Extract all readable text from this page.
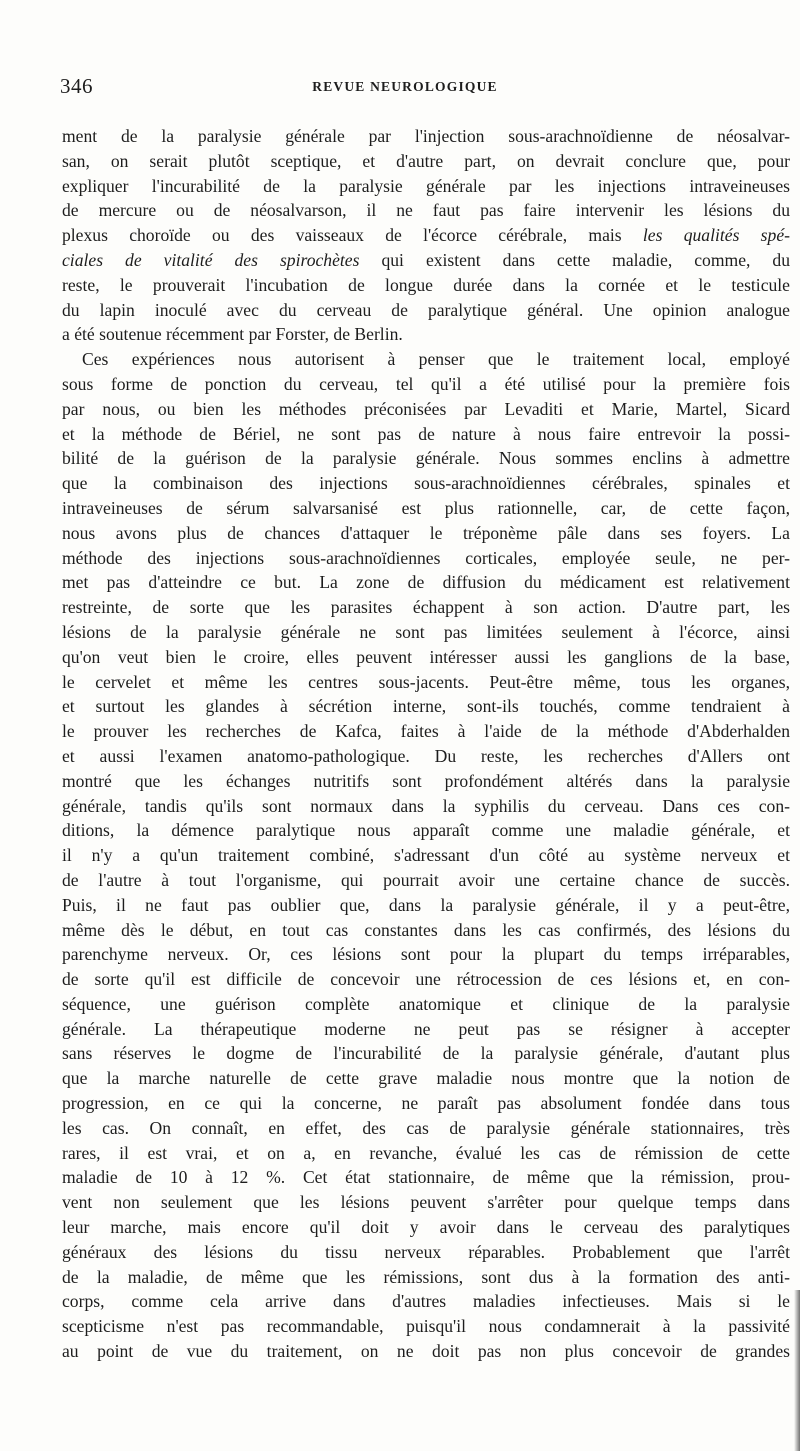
346	REVUE NEUROLOGIQUE
ment de la paralysie générale par l'injection sous-arachnoïdienne de néosalvar-
san, on serait plutôt sceptique, et d'autre part, on devrait conclure que, pour
expliquer l'incurabilité de la paralysie générale par les injections intraveineuses
de mercure ou de néosalvarson, il ne faut pas faire intervenir les lésions du
plexus choroïde ou des vaisseaux de l'écorce cérébrale, mais les qualités spé-
ciales de vitalité des spirochètes qui existent dans cette maladie, comme, du
reste, le prouverait l'incubation de longue durée dans la cornée et le testicule
du lapin inoculé avec du cerveau de paralytique général. Une opinion analogue
a été soutenue récemment par Forster, de Berlin.
Ces expériences nous autorisent à penser que le traitement local, employé
sous forme de ponction du cerveau, tel qu'il a été utilisé pour la première fois
par nous, ou bien les méthodes préconisées par Levaditi et Marie, Martel, Sicard
et la méthode de Bériel, ne sont pas de nature à nous faire entrevoir la possi-
bilité de la guérison de la paralysie générale. Nous sommes enclins à admettre
que la combinaison des injections sous-arachnoïdiennes cérébrales, spinales et
intraveineuses de sérum salvarsanisé est plus rationnelle, car, de cette façon,
nous avons plus de chances d'attaquer le tréponème pâle dans ses foyers. La
méthode des injections sous-arachnoïdiennes corticales, employée seule, ne per-
met pas d'atteindre ce but. La zone de diffusion du médicament est relativement
restreinte, de sorte que les parasites échappent à son action. D'autre part, les
lésions de la paralysie générale ne sont pas limitées seulement à l'écorce, ainsi
qu'on veut bien le croire, elles peuvent intéresser aussi les ganglions de la base,
le cervelet et même les centres sous-jacents. Peut-être même, tous les organes,
et surtout les glandes à sécrétion interne, sont-ils touchés, comme tendraient à
le prouver les recherches de Kafca, faites à l'aide de la méthode d'Abderhalden
et aussi l'examen anatomo-pathologique. Du reste, les recherches d'Allers ont
montré que les échanges nutritifs sont profondément altérés dans la paralysie
générale, tandis qu'ils sont normaux dans la syphilis du cerveau. Dans ces con-
ditions, la démence paralytique nous apparaît comme une maladie générale, et
il n'y a qu'un traitement combiné, s'adressant d'un côté au système nerveux et
de l'autre à tout l'organisme, qui pourrait avoir une certaine chance de succès.
Puis, il ne faut pas oublier que, dans la paralysie générale, il y a peut-être,
même dès le début, en tout cas constantes dans les cas confirmés, des lésions du
parenchyme nerveux. Or, ces lésions sont pour la plupart du temps irréparables,
de sorte qu'il est difficile de concevoir une rétrocession de ces lésions et, en con-
séquence, une guérison complète anatomique et clinique de la paralysie
générale. La thérapeutique moderne ne peut pas se résigner à accepter
sans réserves le dogme de l'incurabilité de la paralysie générale, d'autant plus
que la marche naturelle de cette grave maladie nous montre que la notion de
progression, en ce qui la concerne, ne paraît pas absolument fondée dans tous
les cas. On connaît, en effet, des cas de paralysie générale stationnaires, très
rares, il est vrai, et on a, en revanche, évalué les cas de rémission de cette
maladie de 10 à 12 %. Cet état stationnaire, de même que la rémission, prou-
vent non seulement que les lésions peuvent s'arrêter pour quelque temps dans
leur marche, mais encore qu'il doit y avoir dans le cerveau des paralytiques
généraux des lésions du tissu nerveux réparables. Probablement que l'arrêt
de la maladie, de même que les rémissions, sont dus à la formation des anti-
corps, comme cela arrive dans d'autres maladies infectieuses. Mais si le
scepticisme n'est pas recommandable, puisqu'il nous condamnerait à la passivité
au point de vue du traitement, on ne doit pas non plus concevoir de grandes
